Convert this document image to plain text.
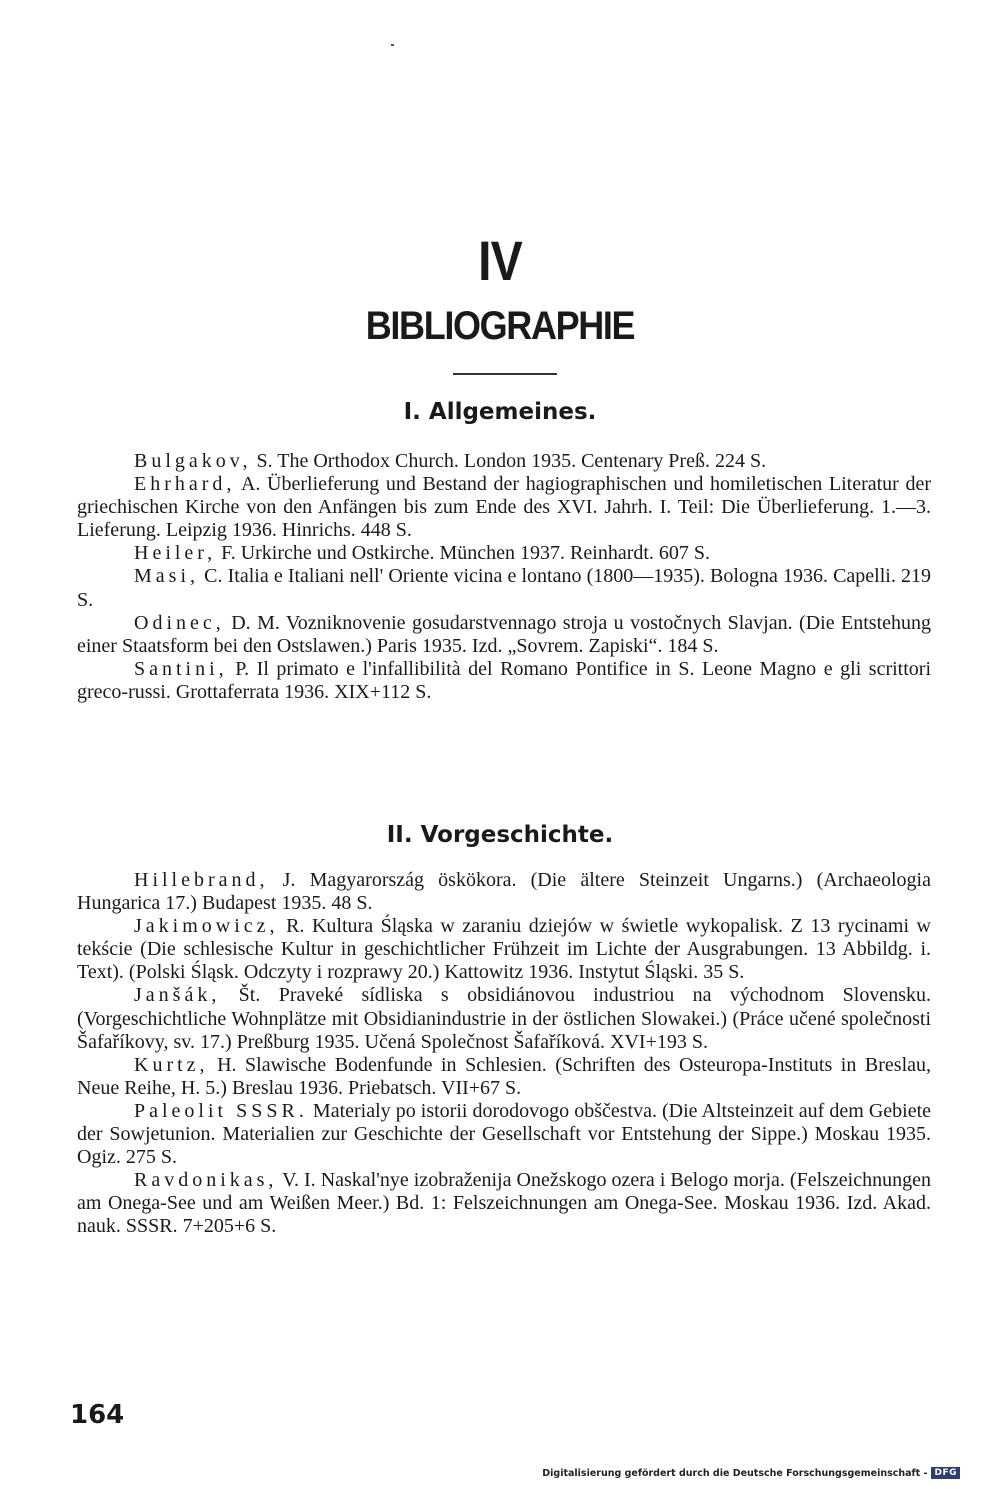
IV
BIBLIOGRAPHIE
I. Allgemeines.

Bulgakov, S. The Orthodox Church. London 1935. Centenary Preß. 224 S.

Ehrhard, A. Überlieferung und Bestand der hagiographischen und homiletischen Literatur der griechischen Kirche von den Anfängen bis zum Ende des XVI. Jahrh. I. Teil: Die Überlieferung. 1.—3. Lieferung. Leipzig 1936. Hinrichs. 448 S.

Heiler, F. Urkirche und Ostkirche. München 1937. Reinhardt. 607 S.

Masi, C. Italia e Italiani nell' Oriente vicina e lontano (1800—1935). Bologna 1936. Capelli. 219 S.

Odinec, D. M. Vozniknovenie gosudarstvennago stroja u vostočnych Slavjan. (Die Entstehung einer Staatsform bei den Ostslawen.) Paris 1935. Izd. „Sovrem. Zapiski“. 184 S.

Santini, P. Il primato e l'infallibilità del Romano Pontifice in S. Leone Magno e gli scrittori greco-russi. Grottaferrata 1936. XIX+112 S.

II. Vorgeschichte.

Hillebrand, J. Magyarország öskökora. (Die ältere Steinzeit Ungarns.) (Archaeologia Hungarica 17.) Budapest 1935. 48 S.

Jakimowicz, R. Kultura Śląska w zaraniu dziejów w świetle wykopalisk. Z 13 rycinami w tekście (Die schlesische Kultur in geschichtlicher Frühzeit im Lichte der Ausgrabungen. 13 Abbildg. i. Text). (Polski Śląsk. Odczyty i rozprawy 20.) Kattowitz 1936. Instytut Śląski. 35 S.

Janšák, Št. Praveké sídliska s obsidiánovou industriou na východnom Slovensku. (Vorgeschichtliche Wohnplätze mit Obsidianindustrie in der östlichen Slowakei.) (Práce učené společnosti Šafaříkovy, sv. 17.) Preßburg 1935. Učená Společnost Šafaříková. XVI+193 S.

Kurtz, H. Slawische Bodenfunde in Schlesien. (Schriften des Osteuropa-Instituts in Breslau, Neue Reihe, H. 5.) Breslau 1936. Priebatsch. VII+67 S.

Paleolit SSSR. Materialy po istorii dorodovogo obščestva. (Die Altsteinzeit auf dem Gebiete der Sowjetunion. Materialien zur Geschichte der Gesellschaft vor Entstehung der Sippe.) Moskau 1935. Ogiz. 275 S.

Ravdonikas, V. I. Naskal'nye izobraženija Onežskogo ozera i Belogo morja. (Felszeichnungen am Onega-See und am Weißen Meer.) Bd. 1: Felszeichnungen am Onega-See. Moskau 1936. Izd. Akad. nauk. SSSR. 7+205+6 S.

164
Digitalisierung gefördert durch die Deutsche Forschungsgemeinschaft - DFG
